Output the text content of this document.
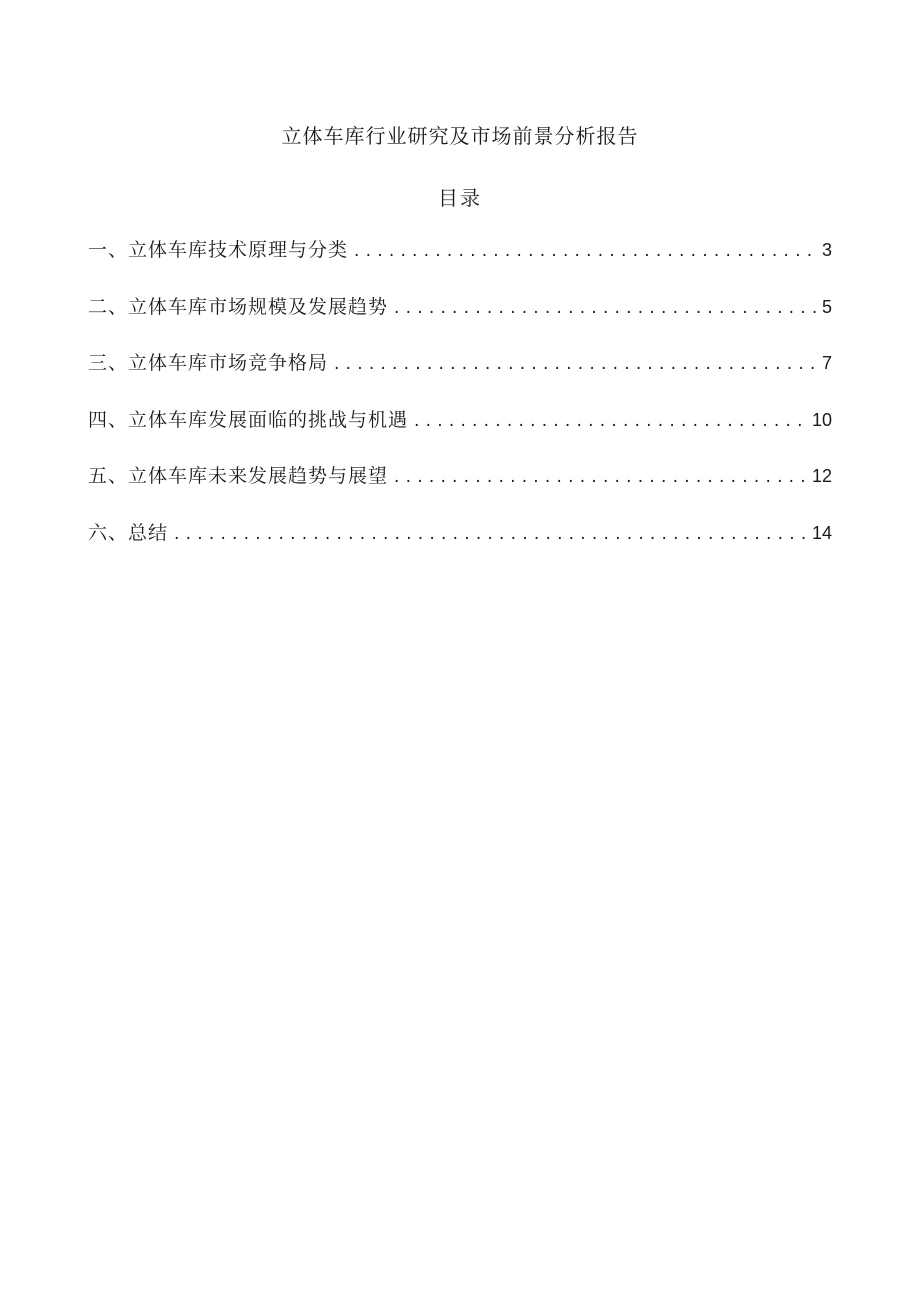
立体车库行业研究及市场前景分析报告
目录
一、立体车库技术原理与分类 . . .	3
二、立体车库市场规模及发展趋势 . . .	5
三、立体车库市场竞争格局 . . .	7
四、立体车库发展面临的挑战与机遇 . . .	10
五、立体车库未来发展趋势与展望 . . .	12
六、总结 . . .	14
